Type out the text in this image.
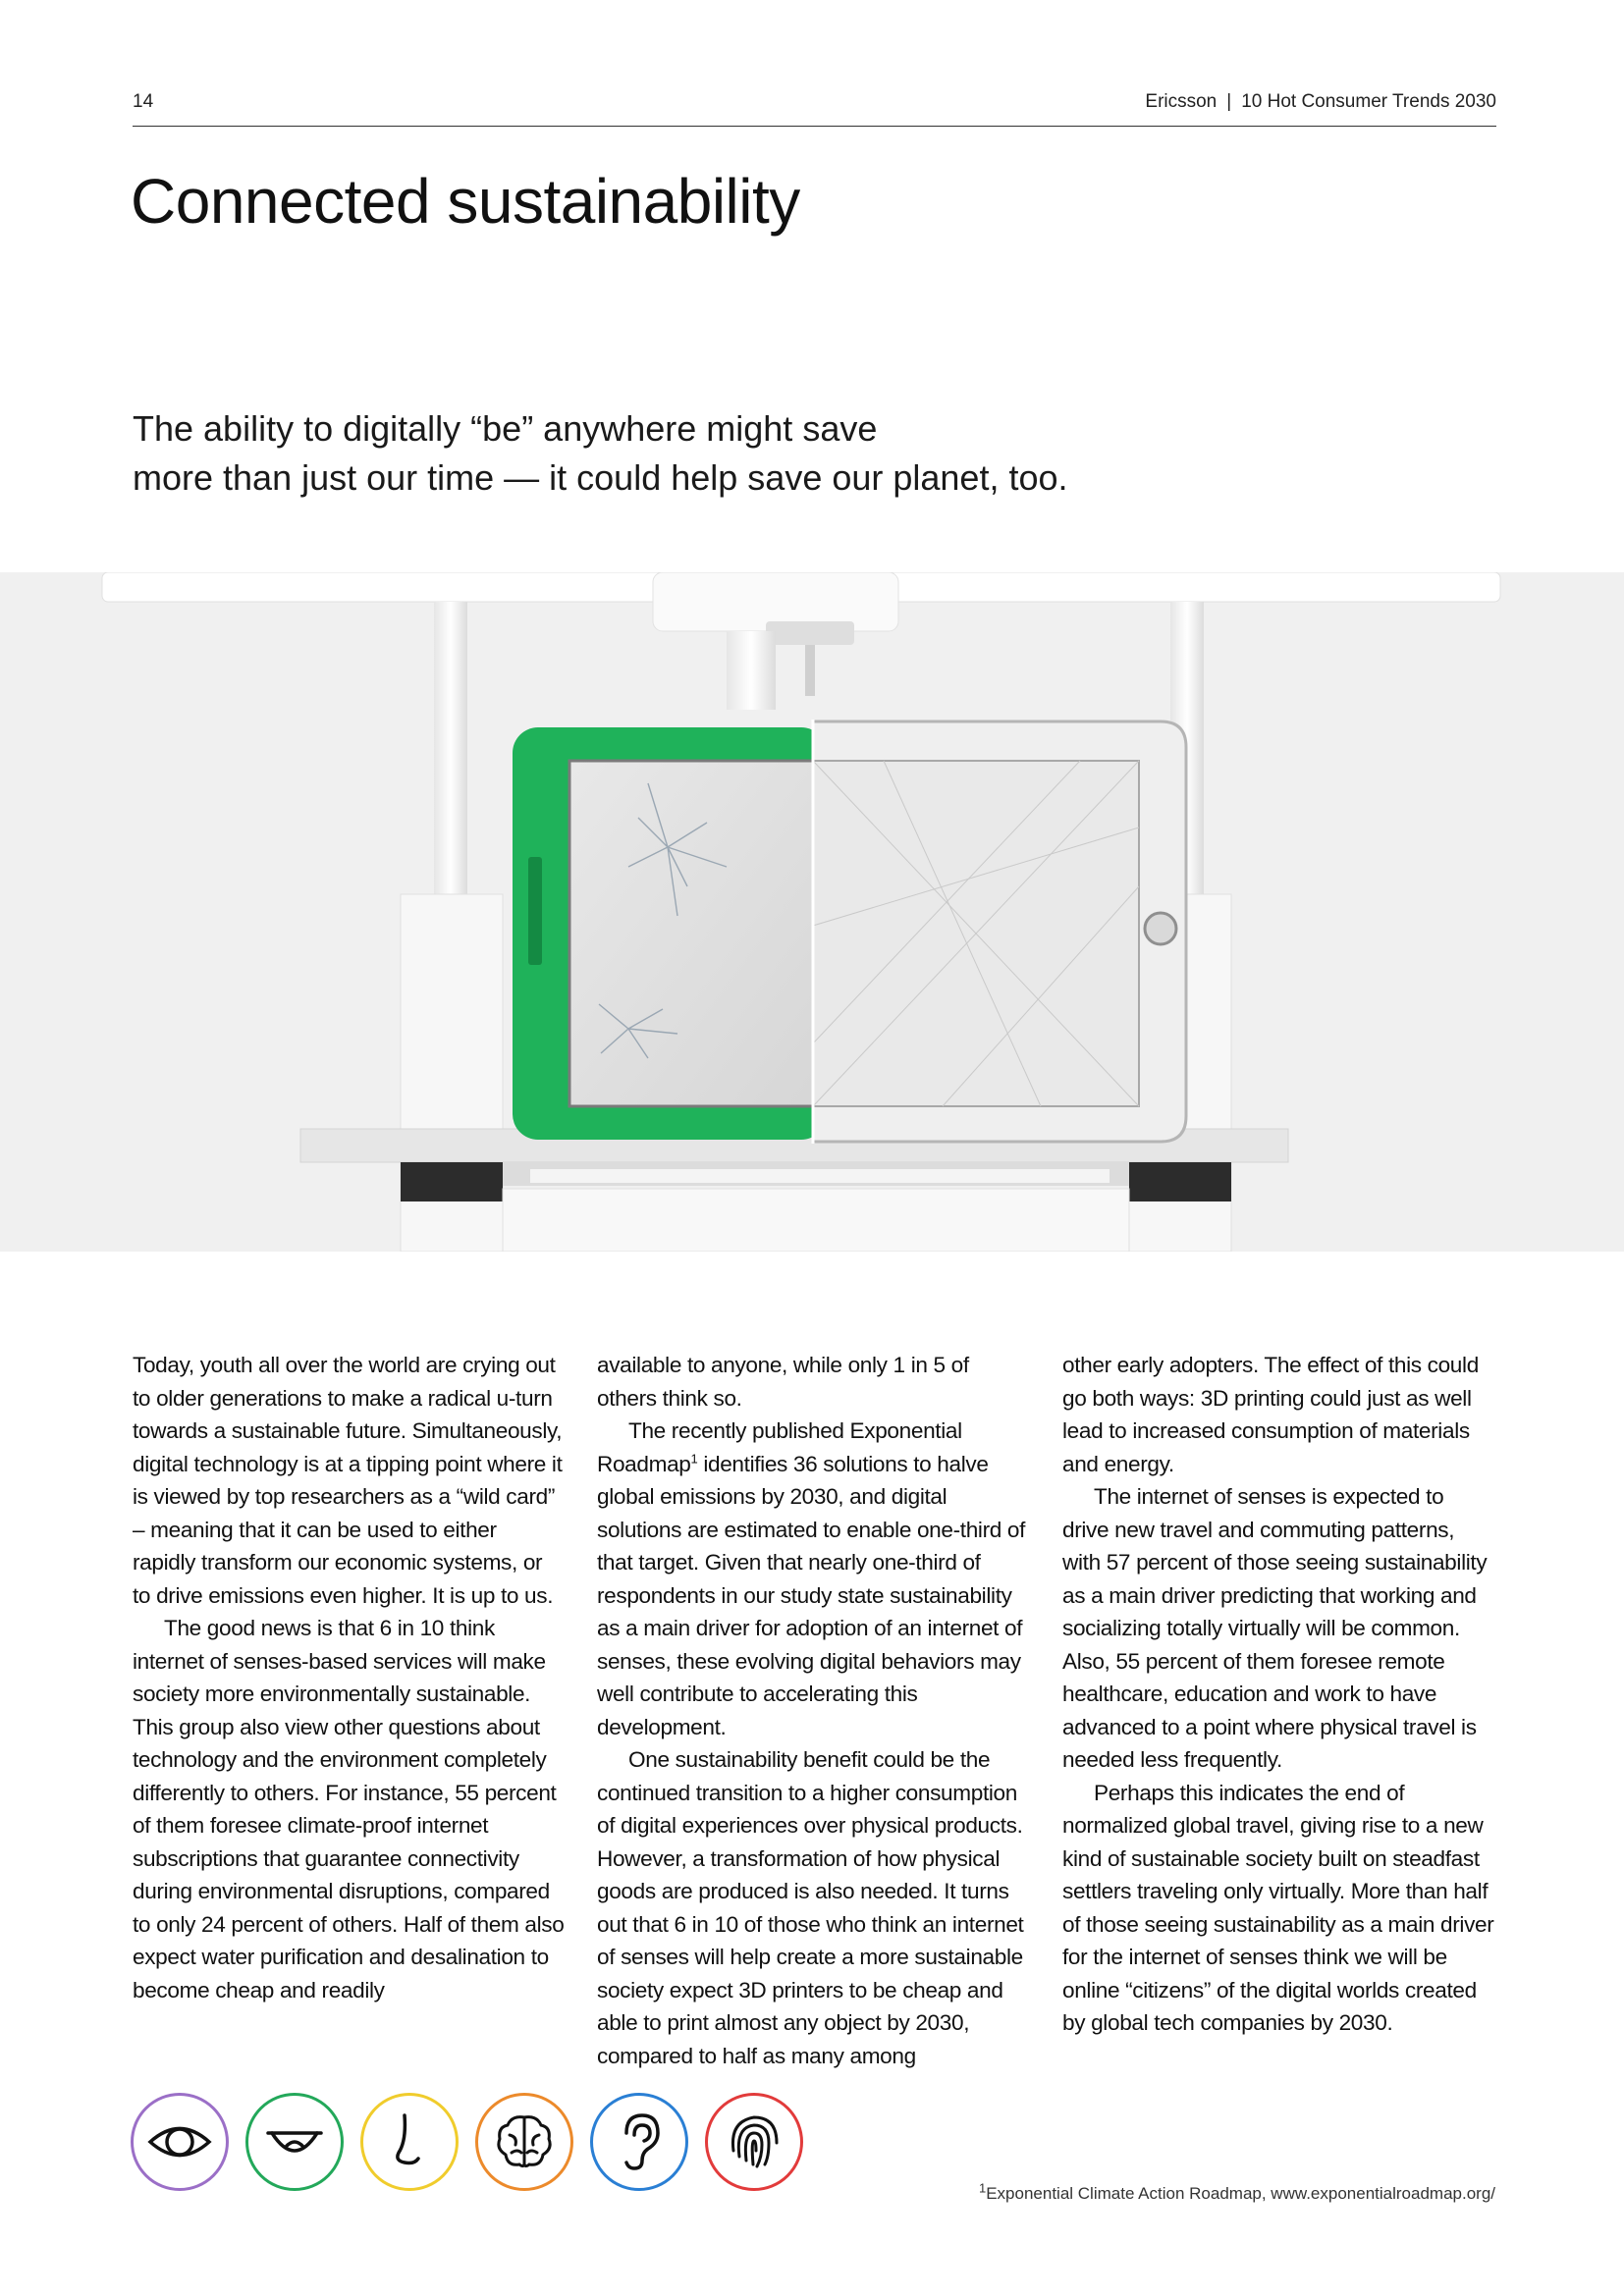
14	Ericsson | 10 Hot Consumer Trends 2030
Connected sustainability

The ability to digitally “be” anywhere might save
more than just our time — it could help save our planet, too.

Today, youth all over the world are crying out to older generations to make a radical u-turn towards a sustainable future. Simultaneously, digital technology is at a tipping point where it is viewed by top researchers as a “wild card” – meaning that it can be used to either rapidly transform our economic systems, or to drive emissions even higher. It is up to us.

The good news is that 6 in 10 think internet of senses-based services will make society more environmentally sustainable. This group also view other questions about technology and the environment completely differently to others. For instance, 55 percent of them foresee climate-proof internet subscriptions that guarantee connectivity during environmental disruptions, compared to only 24 percent of others. Half of them also expect water purification and desalination to become cheap and readily

available to anyone, while only 1 in 5 of others think so.

The recently published Exponential Roadmap$^1$ identifies 36 solutions to halve global emissions by 2030, and digital solutions are estimated to enable one-third of that target. Given that nearly one-third of respondents in our study state sustainability as a main driver for adoption of an internet of senses, these evolving digital behaviors may well contribute to accelerating this development.

One sustainability benefit could be the continued transition to a higher consumption of digital experiences over physical products. However, a transformation of how physical goods are produced is also needed. It turns out that 6 in 10 of those who think an internet of senses will help create a more sustainable society expect 3D printers to be cheap and able to print almost any object by 2030, compared to half as many among

other early adopters. The effect of this could go both ways: 3D printing could just as well lead to increased consumption of materials and energy.

The internet of senses is expected to drive new travel and commuting patterns, with 57 percent of those seeing sustainability as a main driver predicting that working and socializing totally virtually will be common. Also, 55 percent of them foresee remote healthcare, education and work to have advanced to a point where physical travel is needed less frequently.

Perhaps this indicates the end of normalized global travel, giving rise to a new kind of sustainable society built on steadfast settlers traveling only virtually. More than half of those seeing sustainability as a main driver for the internet of senses think we will be online “citizens” of the digital worlds created by global tech companies by 2030.

$^1$Exponential Climate Action Roadmap, www.exponentialroadmap.org/
